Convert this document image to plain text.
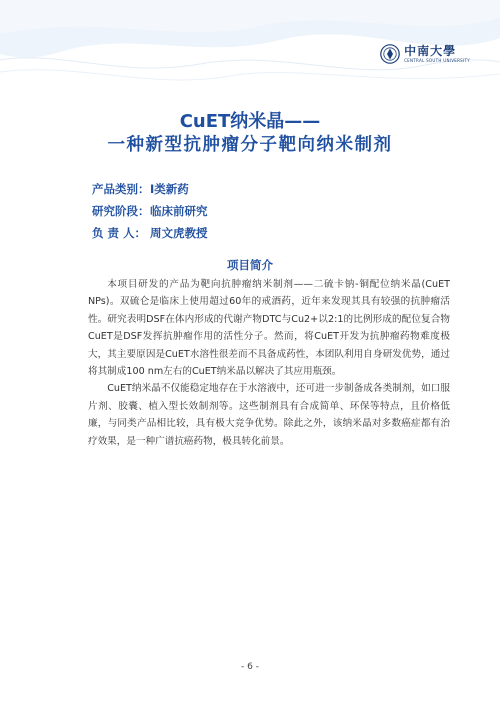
中南大學
CENTRAL SOUTH UNIVERSITY
CuET纳米晶——
一种新型抗肿瘤分子靶向纳米制剂
产品类别： Ⅰ类新药
研究阶段： 临床前研究
负 责 人： 周文虎教授
项目简介

本项目研发的产品为靶向抗肿瘤纳米制剂——二硫卡钠-铜配位纳米晶(CuET NPs)。双硫仑是临床上使用超过60年的戒酒药，近年来发现其具有较强的抗肿瘤活性。研究表明DSF在体内形成的代谢产物DTC与Cu2+以2:1的比例形成的配位复合物CuET是DSF发挥抗肿瘤作用的活性分子。然而，将CuET开发为抗肿瘤药物难度极大，其主要原因是CuET水溶性很差而不具备成药性，本团队利用自身研发优势，通过将其制成100 nm左右的CuET纳米晶以解决了其应用瓶颈。

CuET纳米晶不仅能稳定地存在于水溶液中，还可进一步制备成各类制剂，如口服片剂、胶囊、植入型长效制剂等。这些制剂具有合成简单、环保等特点，且价格低廉，与同类产品相比较，具有极大竞争优势。除此之外，该纳米晶对多数癌症都有治疗效果，是一种广谱抗癌药物，极具转化前景。

- 6 -
